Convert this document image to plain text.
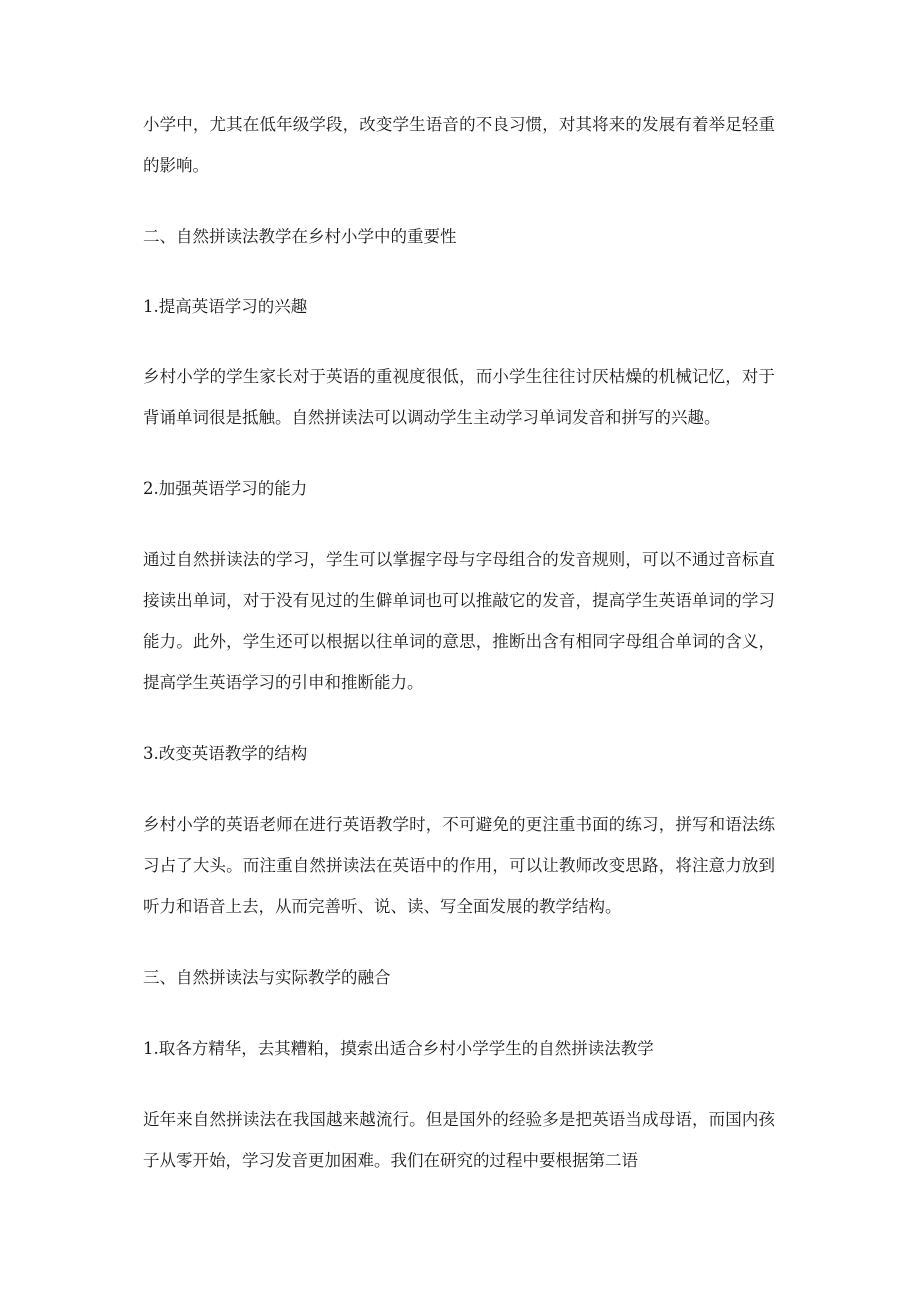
小学中，尤其在低年级学段，改变学生语音的不良习惯，对其将来的发展有着举足轻重的影响。

二、自然拼读法教学在乡村小学中的重要性

1.提高英语学习的兴趣

乡村小学的学生家长对于英语的重视度很低，而小学生往往讨厌枯燥的机械记忆，对于背诵单词很是抵触。自然拼读法可以调动学生主动学习单词发音和拼写的兴趣。

2.加强英语学习的能力

通过自然拼读法的学习，学生可以掌握字母与字母组合的发音规则，可以不通过音标直接读出单词，对于没有见过的生僻单词也可以推敲它的发音，提高学生英语单词的学习能力。此外，学生还可以根据以往单词的意思，推断出含有相同字母组合单词的含义，提高学生英语学习的引申和推断能力。

3.改变英语教学的结构

乡村小学的英语老师在进行英语教学时，不可避免的更注重书面的练习，拼写和语法练习占了大头。而注重自然拼读法在英语中的作用，可以让教师改变思路，将注意力放到听力和语音上去，从而完善听、说、读、写全面发展的教学结构。

三、自然拼读法与实际教学的融合

1.取各方精华，去其糟粕，摸索出适合乡村小学学生的自然拼读法教学

近年来自然拼读法在我国越来越流行。但是国外的经验多是把英语当成母语，而国内孩子从零开始，学习发音更加困难。我们在研究的过程中要根据第二语
